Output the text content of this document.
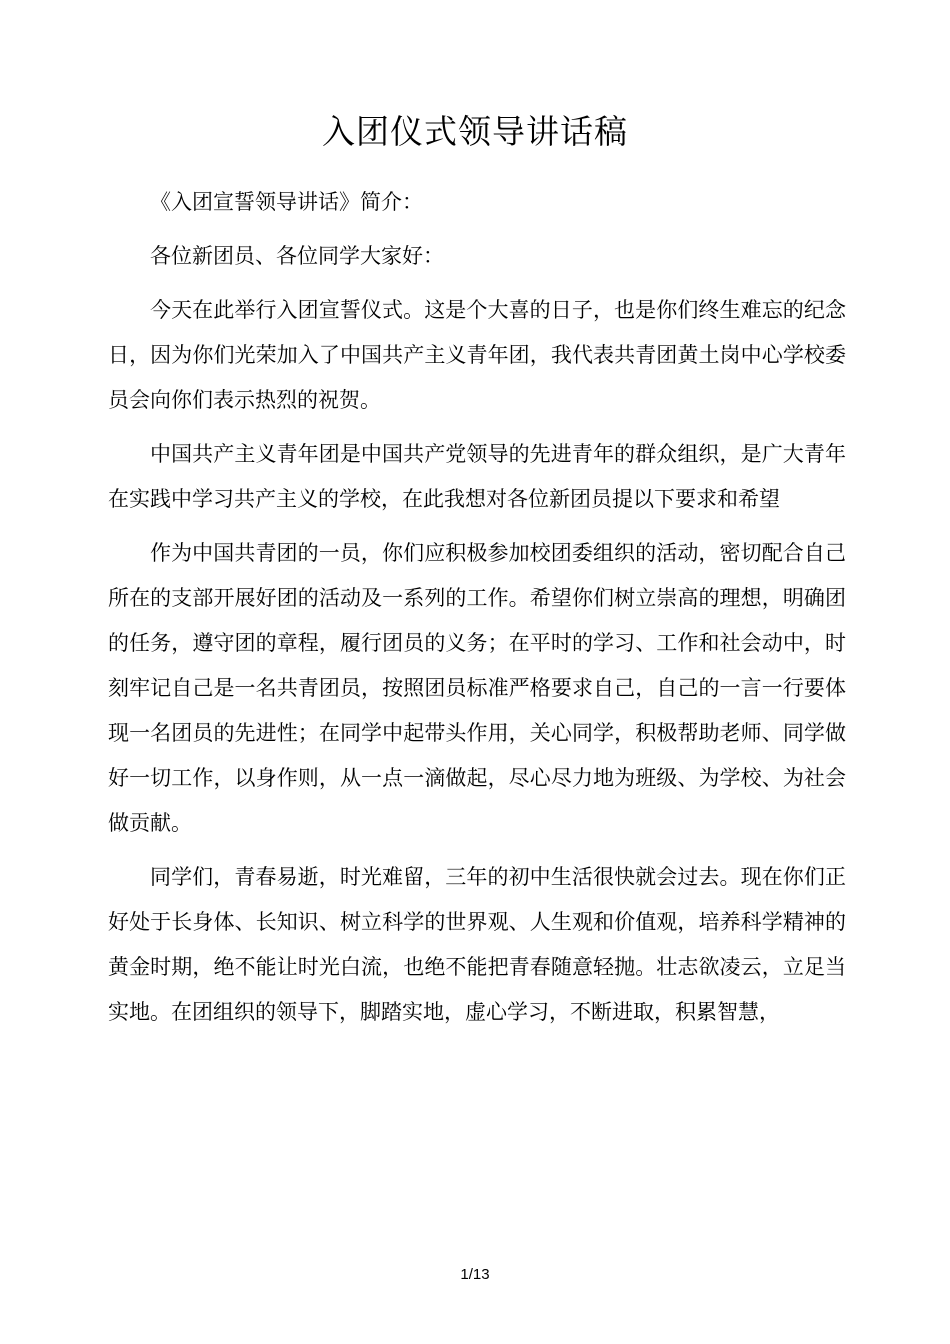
入团仪式领导讲话稿

《入团宣誓领导讲话》简介：

各位新团员、各位同学大家好：

今天在此举行入团宣誓仪式。这是个大喜的日子，也是你们终生难忘的纪念日，因为你们光荣加入了中国共产主义青年团，我代表共青团黄土岗中心学校委员会向你们表示热烈的祝贺。

中国共产主义青年团是中国共产党领导的先进青年的群众组织，是广大青年在实践中学习共产主义的学校，在此我想对各位新团员提以下要求和希望

作为中国共青团的一员，你们应积极参加校团委组织的活动，密切配合自己所在的支部开展好团的活动及一系列的工作。希望你们树立崇高的理想，明确团的任务，遵守团的章程，履行团员的义务；在平时的学习、工作和社会动中，时刻牢记自己是一名共青团员，按照团员标准严格要求自己，自己的一言一行要体现一名团员的先进性；在同学中起带头作用，关心同学，积极帮助老师、同学做好一切工作，以身作则，从一点一滴做起，尽心尽力地为班级、为学校、为社会做贡献。

同学们，青春易逝，时光难留，三年的初中生活很快就会过去。现在你们正好处于长身体、长知识、树立科学的世界观、人生观和价值观，培养科学精神的黄金时期，绝不能让时光白流，也绝不能把青春随意轻抛。壮志欲凌云，立足当实地。在团组织的领导下，脚踏实地，虚心学习，不断进取，积累智慧，

1/13
